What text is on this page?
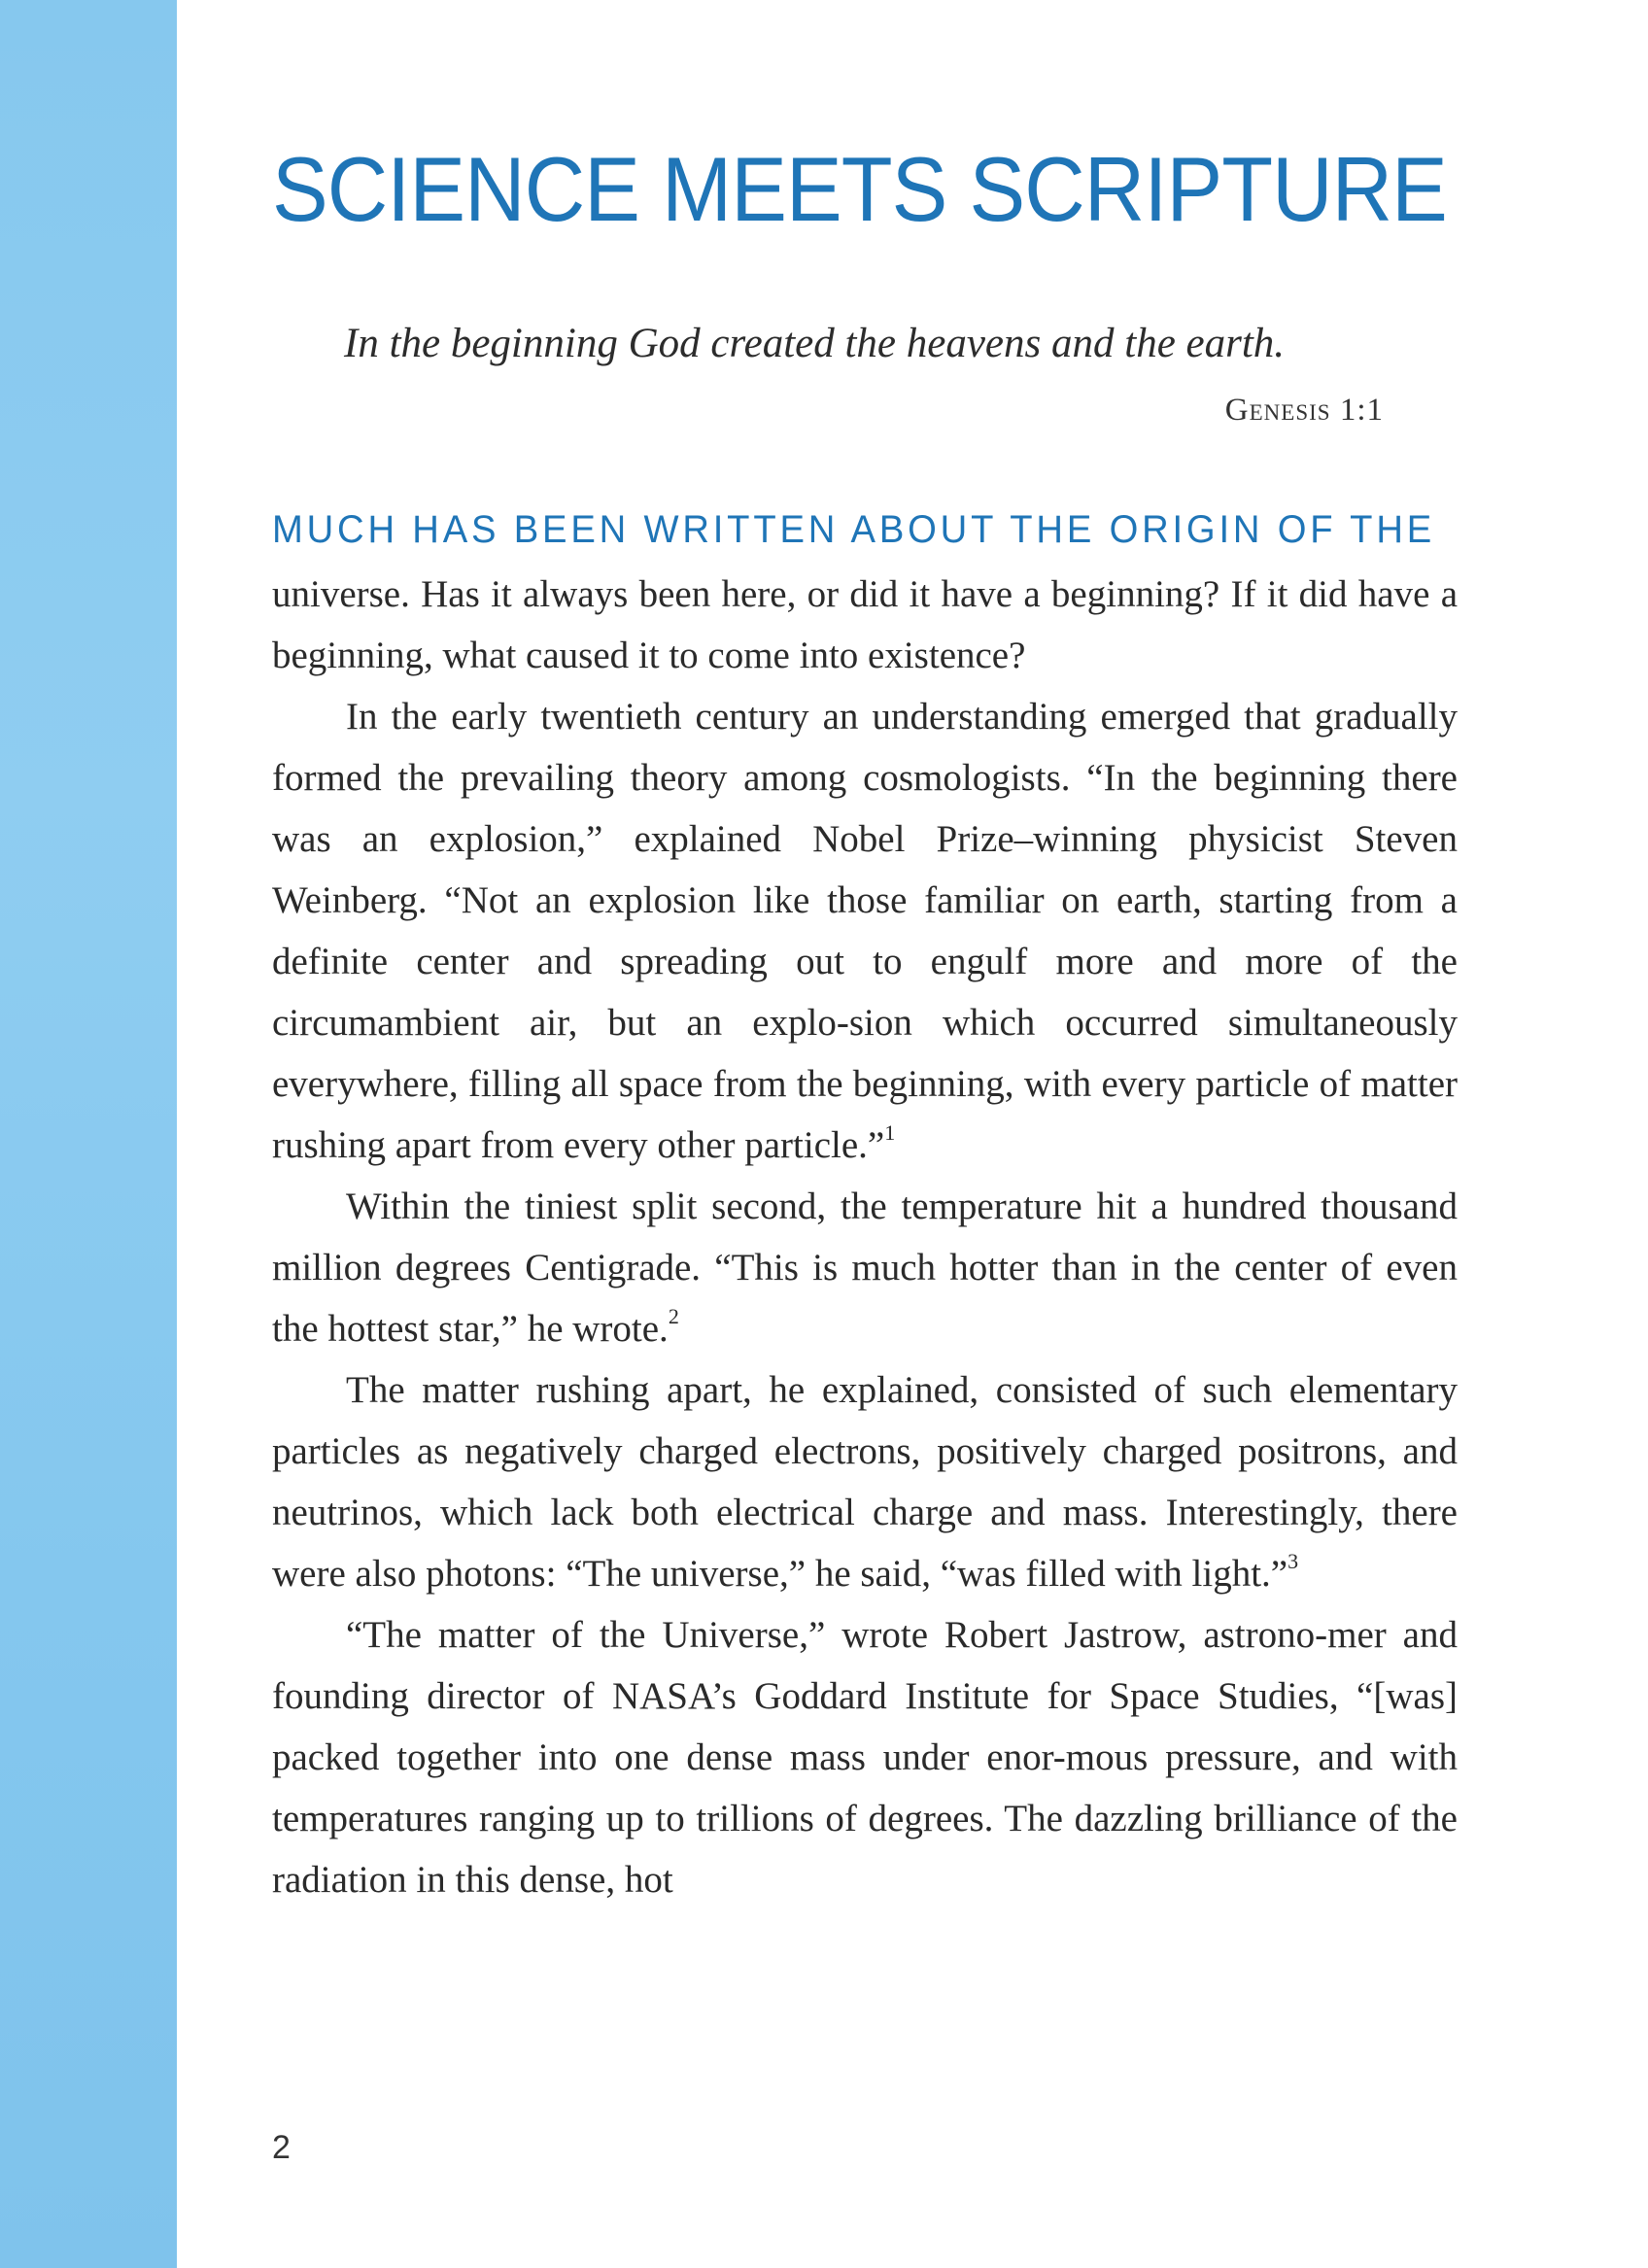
SCIENCE MEETS SCRIPTURE

In the beginning God created the heavens and the earth.

Genesis 1:1

MUCH HAS BEEN WRITTEN ABOUT THE ORIGIN OF THE

universe. Has it always been here, or did it have a beginning? If it did have a beginning, what caused it to come into existence?

In the early twentieth century an understanding emerged that gradually formed the prevailing theory among cosmologists. “In the beginning there was an explosion,” explained Nobel Prize–winning physicist Steven Weinberg. “Not an explosion like those familiar on earth, starting from a definite center and spreading out to engulf more and more of the circumambient air, but an explo-sion which occurred simultaneously everywhere, filling all space from the beginning, with every particle of matter rushing apart from every other particle.”$^1$

Within the tiniest split second, the temperature hit a hundred thousand million degrees Centigrade. “This is much hotter than in the center of even the hottest star,” he wrote.$^2$

The matter rushing apart, he explained, consisted of such elementary particles as negatively charged electrons, positively charged positrons, and neutrinos, which lack both electrical charge and mass. Interestingly, there were also photons: “The universe,” he said, “was filled with light.”$^3$

“The matter of the Universe,” wrote Robert Jastrow, astrono-mer and founding director of NASA’s Goddard Institute for Space Studies, “[was] packed together into one dense mass under enor-mous pressure, and with temperatures ranging up to trillions of degrees. The dazzling brilliance of the radiation in this dense, hot

2
